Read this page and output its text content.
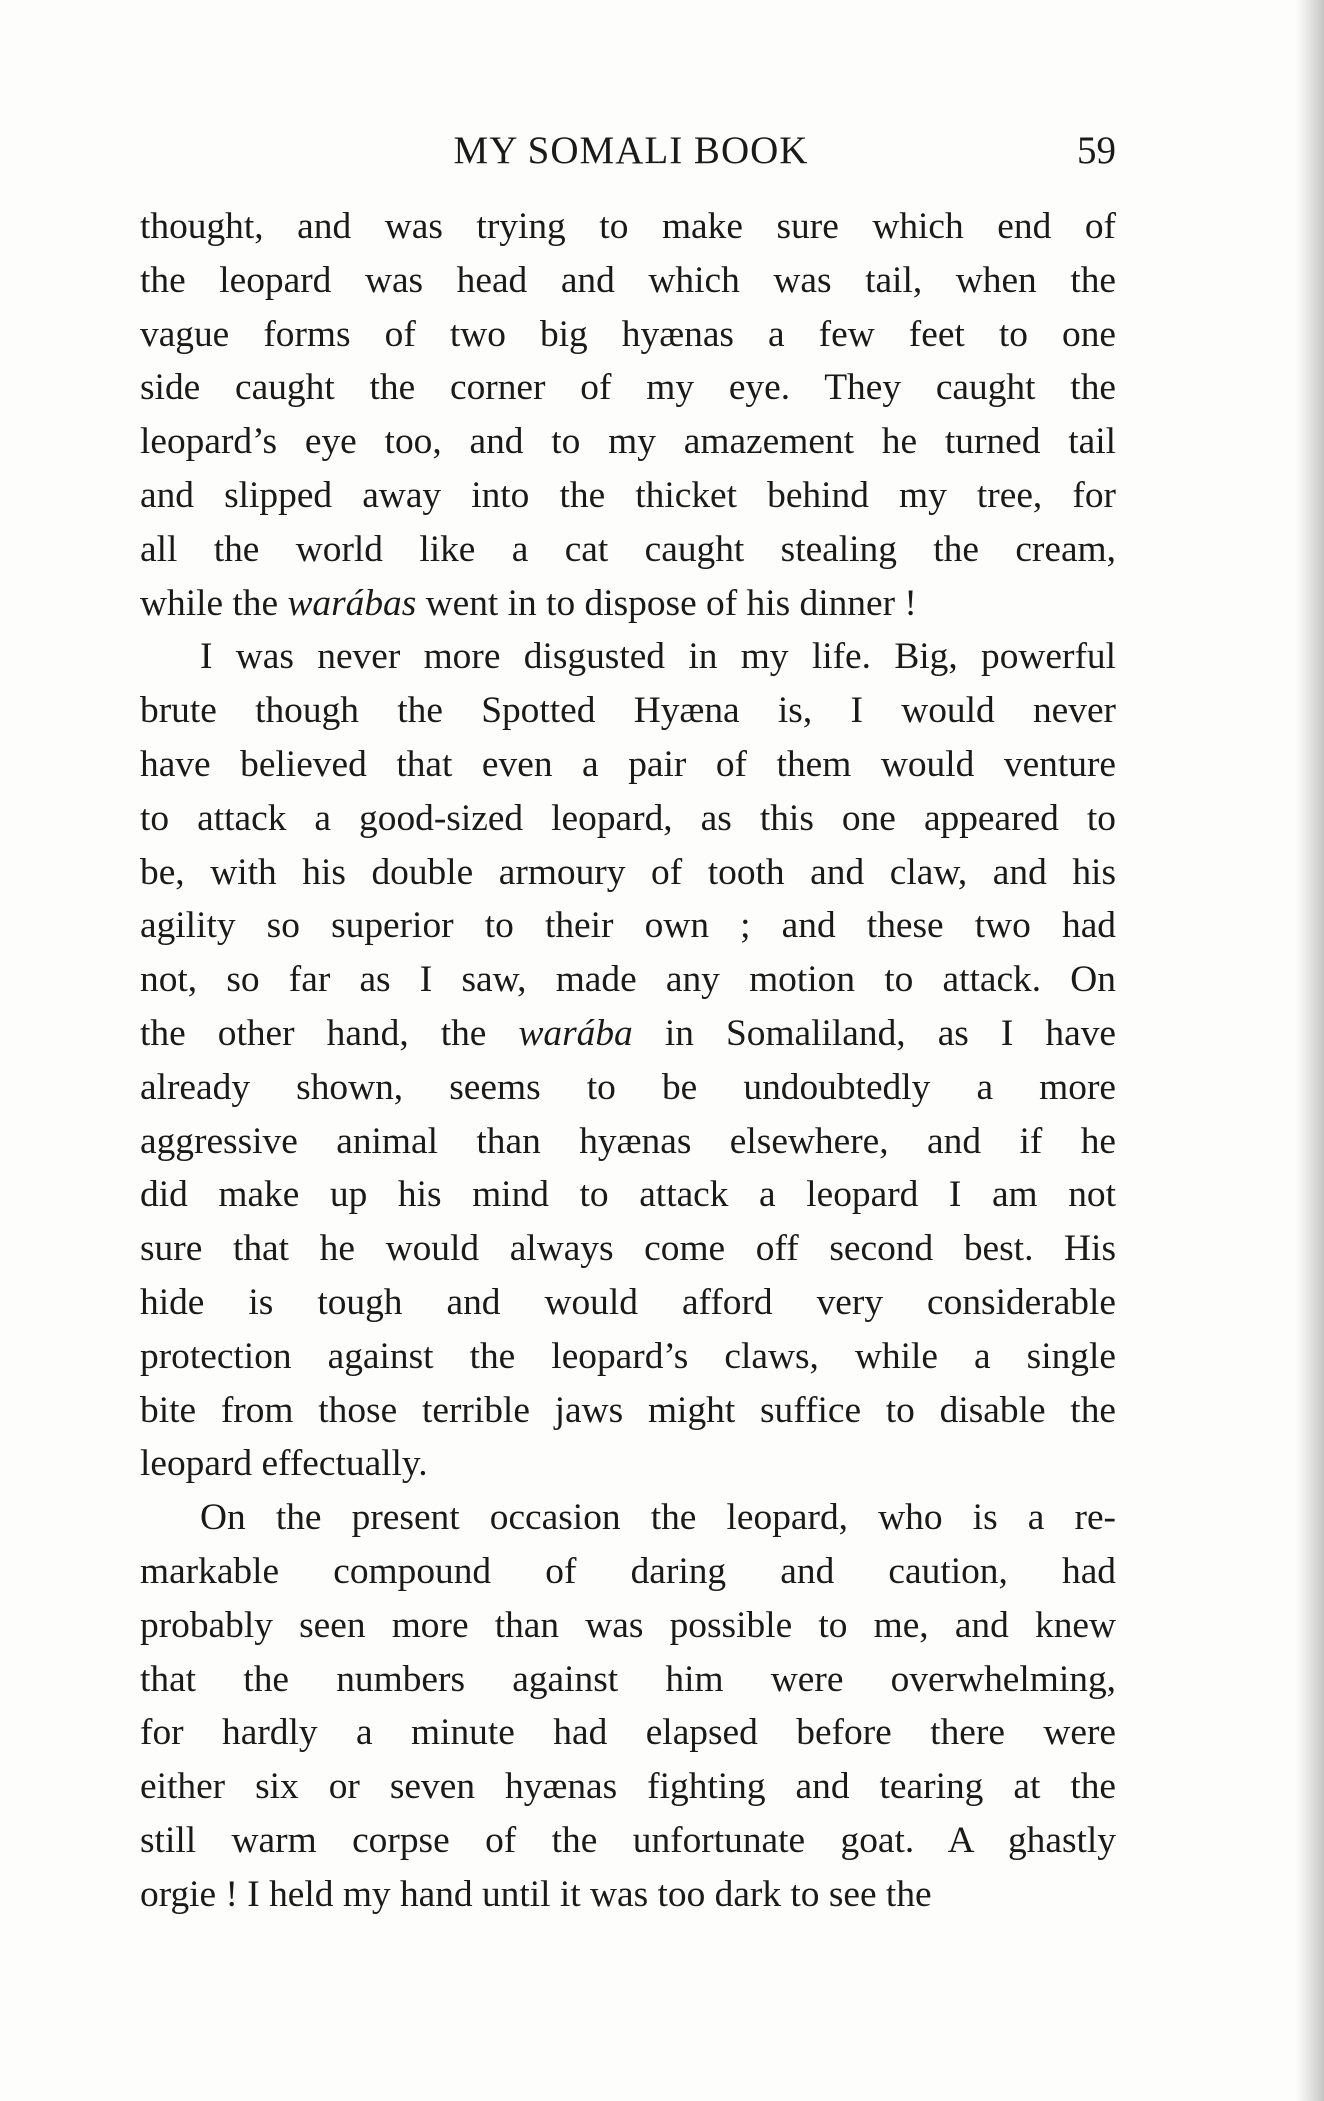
MY SOMALI BOOK	59

thought, and was trying to make sure which end of
the leopard was head and which was tail, when the
vague forms of two big hyænas a few feet to one
side caught the corner of my eye. They caught the
leopard’s eye too, and to my amazement he turned tail
and slipped away into the thicket behind my tree, for
all the world like a cat caught stealing the cream,
while the warábas went in to dispose of his dinner !

I was never more disgusted in my life. Big, powerful
brute though the Spotted Hyæna is, I would never
have believed that even a pair of them would venture
to attack a good-sized leopard, as this one appeared to
be, with his double armoury of tooth and claw, and his
agility so superior to their own ; and these two had
not, so far as I saw, made any motion to attack. On
the other hand, the warába in Somaliland, as I have
already shown, seems to be undoubtedly a more
aggressive animal than hyænas elsewhere, and if he
did make up his mind to attack a leopard I am not
sure that he would always come off second best. His
hide is tough and would afford very considerable
protection against the leopard’s claws, while a single
bite from those terrible jaws might suffice to disable the
leopard effectually.

On the present occasion the leopard, who is a re-
markable compound of daring and caution, had
probably seen more than was possible to me, and knew
that the numbers against him were overwhelming,
for hardly a minute had elapsed before there were
either six or seven hyænas fighting and tearing at the
still warm corpse of the unfortunate goat. A ghastly
orgie ! I held my hand until it was too dark to see the
